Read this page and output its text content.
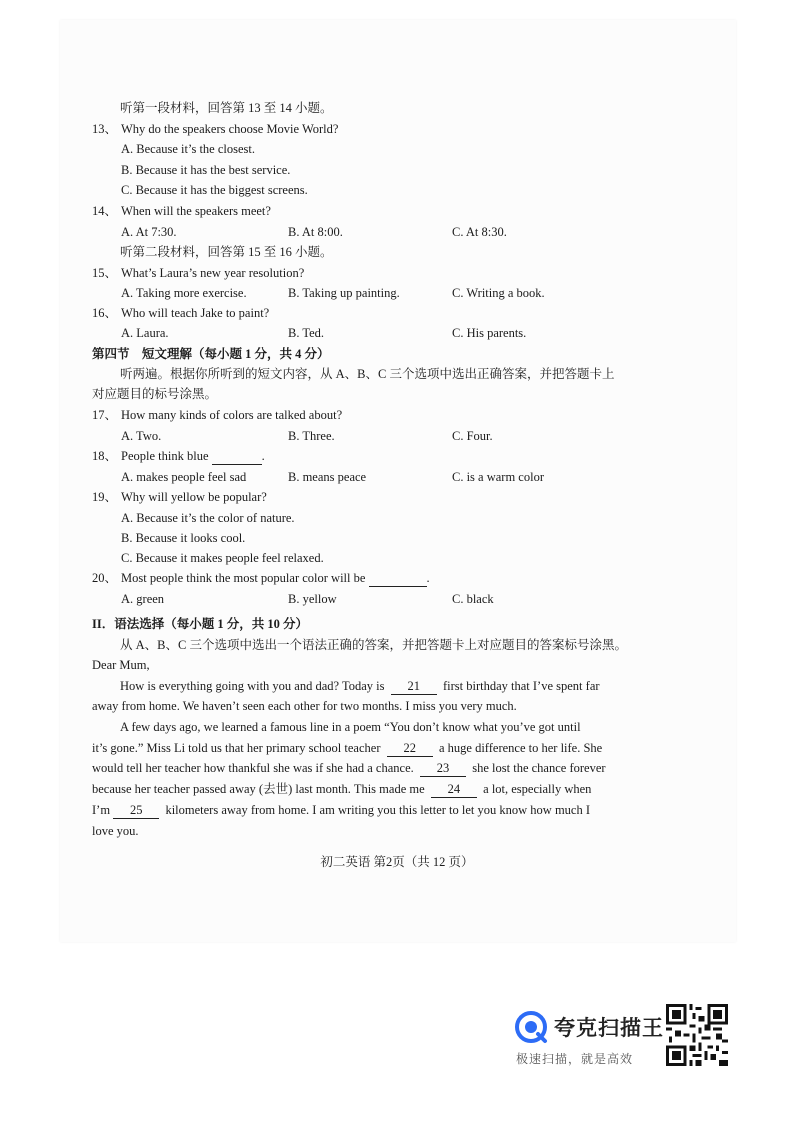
听第一段材料，回答第 13 至 14 小题。
13、 Why do the speakers choose Movie World?
A. Because it’s the closest.
B. Because it has the best service.
C. Because it has the biggest screens.
14、 When will the speakers meet?
A. At 7:30.	B. At 8:00.	C. At 8:30.
听第二段材料，回答第 15 至 16 小题。
15、 What’s Laura’s new year resolution?
A. Taking more exercise.	B. Taking up painting.	C. Writing a book.
16、 Who will teach Jake to paint?
A. Laura.	B. Ted.	C. His parents.
第四节　短文理解（每小题 1 分，共 4 分）
听两遍。根据你所听到的短文内容，从 A、B、C 三个选项中选出正确答案，并把答题卡上
对应题目的标号涂黑。
17、 How many kinds of colors are talked about?
A. Two.	B. Three.	C. Four.
18、 People think blue	.
A. makes people feel sad	B. means peace	C. is a warm color
19、 Why will yellow be popular?
A. Because it’s the color of nature.
B. Because it looks cool.
C. Because it makes people feel relaxed.
20、 Most people think the most popular color will be	.
A. green	B. yellow	C. black
II．语法选择（每小题 1 分，共 10 分）
从 A、B、C 三个选项中选出一个语法正确的答案，并把答题卡上对应题目的答案标号涂黑。
Dear Mum,
How is everything going with you and dad? Today is 21 first birthday that I’ve spent far
away from home. We haven’t seen each other for two months. I miss you very much.
A few days ago, we learned a famous line in a poem “You don’t know what you’ve got until
it’s gone.” Miss Li told us that her primary school teacher 22 a huge difference to her life. She
would tell her teacher how thankful she was if she had a chance. 23 she lost the chance forever
because her teacher passed away (去世) last month. This made me 24 a lot, especially when
I’m 25 kilometers away from home. I am writing you this letter to let you know how much I
love you.
初二英语 第2页（共 12 页）
夸克扫描王
极速扫描，就是高效
